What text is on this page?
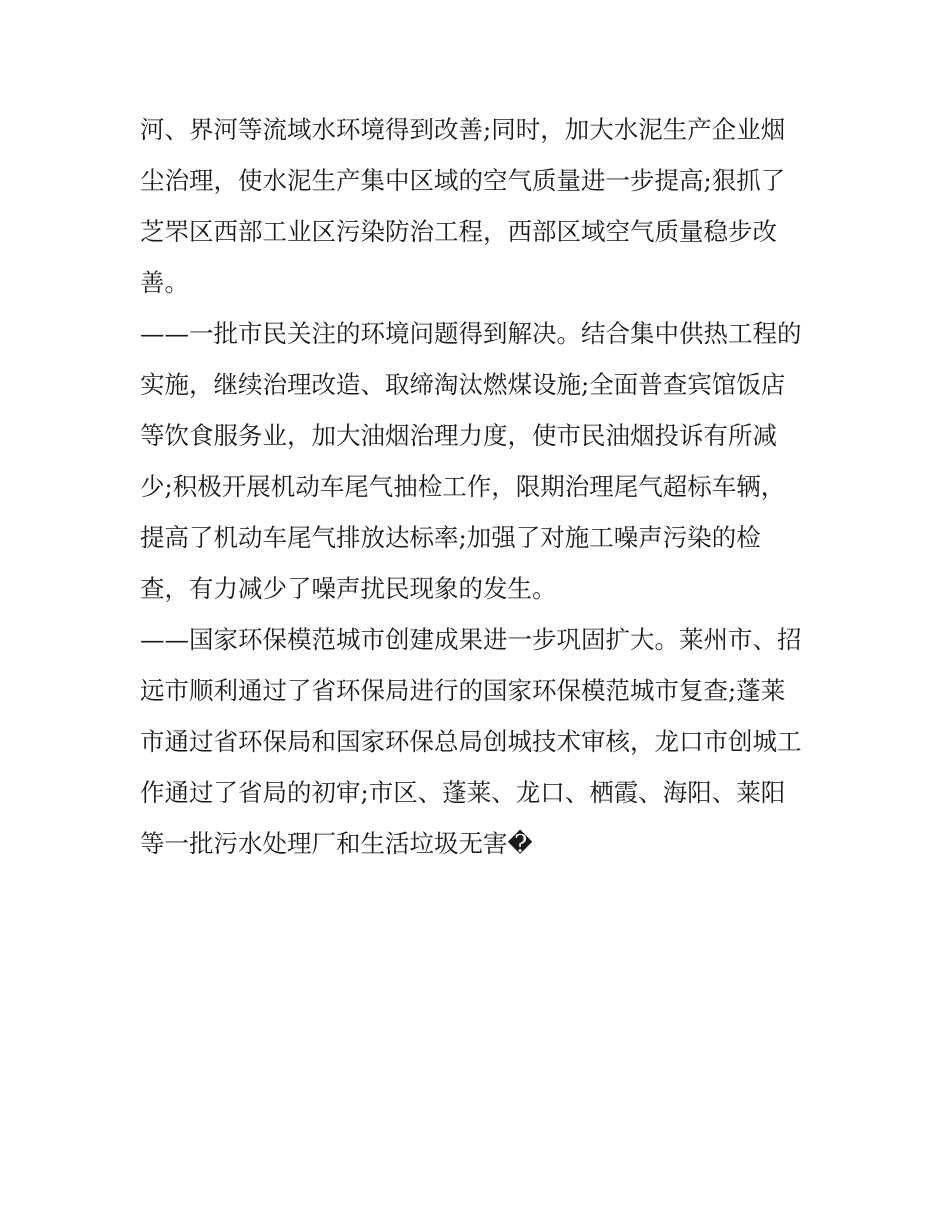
河、界河等流域水环境得到改善;同时，加大水泥生产企业烟
尘治理，使水泥生产集中区域的空气质量进一步提高;狠抓了
芝罘区西部工业区污染防治工程，西部区域空气质量稳步改
善。
——一批市民关注的环境问题得到解决。结合集中供热工程的
实施，继续治理改造、取缔淘汰燃煤设施;全面普查宾馆饭店
等饮食服务业，加大油烟治理力度，使市民油烟投诉有所减
少;积极开展机动车尾气抽检工作，限期治理尾气超标车辆，
提高了机动车尾气排放达标率;加强了对施工噪声污染的检
查，有力减少了噪声扰民现象的发生。
——国家环保模范城市创建成果进一步巩固扩大。莱州市、招
远市顺利通过了省环保局进行的国家环保模范城市复查;蓬莱
市通过省环保局和国家环保总局创城技术审核，龙口市创城工
作通过了省局的初审;市区、蓬莱、龙口、栖霞、海阳、莱阳
等一批污水处理厂和生活垃圾无害�
